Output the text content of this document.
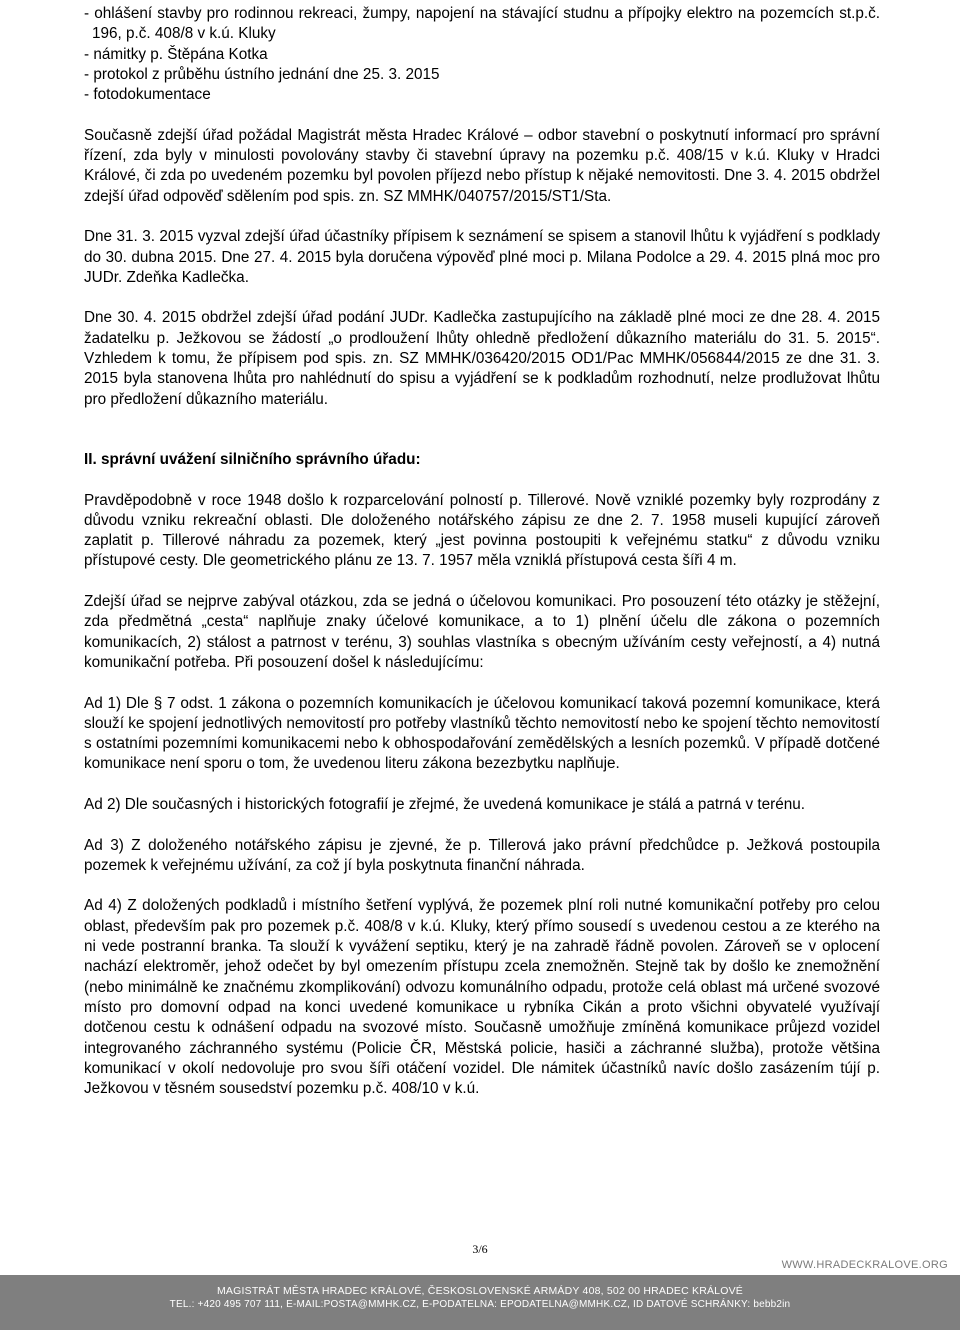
- ohlášení stavby pro rodinnou rekreaci, žumpy, napojení na stávající studnu a přípojky elektro na pozemcích st.p.č. 196, p.č. 408/8 v k.ú. Kluky

- námitky p. Štěpána Kotka

- protokol z průběhu ústního jednání dne 25. 3. 2015

- fotodokumentace

Současně zdejší úřad požádal Magistrát města Hradec Králové – odbor stavební o poskytnutí informací pro správní řízení, zda byly v minulosti povolovány stavby či stavební úpravy na pozemku p.č. 408/15 v k.ú. Kluky v Hradci Králové, či zda po uvedeném pozemku byl povolen příjezd nebo přístup k nějaké nemovitosti. Dne 3. 4. 2015 obdržel zdejší úřad odpověď sdělením pod spis. zn. SZ MMHK/040757/2015/ST1/Sta.

Dne 31. 3. 2015 vyzval zdejší úřad účastníky přípisem k seznámení se spisem a stanovil lhůtu k vyjádření s podklady do 30. dubna 2015. Dne 27. 4. 2015 byla doručena výpověď plné moci p. Milana Podolce a 29. 4. 2015 plná moc pro JUDr. Zdeňka Kadlečka.

Dne 30. 4. 2015 obdržel zdejší úřad podání JUDr. Kadlečka zastupujícího na základě plné moci ze dne 28. 4. 2015 žadatelku p. Ježkovou se žádostí „o prodloužení lhůty ohledně předložení důkazního materiálu do 31. 5. 2015“. Vzhledem k tomu, že přípisem pod spis. zn. SZ MMHK/036420/2015 OD1/Pac MMHK/056844/2015 ze dne 31. 3. 2015 byla stanovena lhůta pro nahlédnutí do spisu a vyjádření se k podkladům rozhodnutí, nelze prodlužovat lhůtu pro předložení důkazního materiálu.

II. správní uvážení silničního správního úřadu:

Pravděpodobně v roce 1948 došlo k rozparcelování polností p. Tillerové. Nově vzniklé pozemky byly rozprodány z důvodu vzniku rekreační oblasti. Dle doloženého notářského zápisu ze dne 2. 7. 1958 museli kupující zároveň zaplatit p. Tillerové náhradu za pozemek, který „jest povinna postoupiti k veřejnému statku“ z důvodu vzniku přístupové cesty. Dle geometrického plánu ze 13. 7. 1957 měla vzniklá přístupová cesta šíři 4 m.

Zdejší úřad se nejprve zabýval otázkou, zda se jedná o účelovou komunikaci. Pro posouzení této otázky je stěžejní, zda předmětná „cesta“ naplňuje znaky účelové komunikace, a to 1) plnění účelu dle zákona o pozemních komunikacích, 2) stálost a patrnost v terénu, 3) souhlas vlastníka s obecným užíváním cesty veřejností, a 4) nutná komunikační potřeba. Při posouzení došel k následujícímu:

Ad 1) Dle § 7 odst. 1 zákona o pozemních komunikacích je účelovou komunikací taková pozemní komunikace, která slouží ke spojení jednotlivých nemovitostí pro potřeby vlastníků těchto nemovitostí nebo ke spojení těchto nemovitostí s ostatními pozemními komunikacemi nebo k obhospodařování zemědělských a lesních pozemků. V případě dotčené komunikace není sporu o tom, že uvedenou literu zákona bezezbytku naplňuje.

Ad 2) Dle současných i historických fotografií je zřejmé, že uvedená komunikace je stálá a patrná v terénu.

Ad 3) Z doloženého notářského zápisu je zjevné, že p. Tillerová jako právní předchůdce p. Ježková postoupila pozemek k veřejnému užívání, za což jí byla poskytnuta finanční náhrada.

Ad 4) Z doložených podkladů i místního šetření vyplývá, že pozemek plní roli nutné komunikační potřeby pro celou oblast, především pak pro pozemek p.č. 408/8 v k.ú. Kluky, který přímo sousedí s uvedenou cestou a ze kterého na ni vede postranní branka. Ta slouží k vyvážení septiku, který je na zahradě řádně povolen. Zároveň se v oplocení nachází elektroměr, jehož odečet by byl omezením přístupu zcela znemožněn. Stejně tak by došlo ke znemožnění (nebo minimálně ke značnému zkomplikování) odvozu komunálního odpadu, protože celá oblast má určené svozové místo pro domovní odpad na konci uvedené komunikace u rybníka Cikán a proto všichni obyvatelé využívají dotčenou cestu k odnášení odpadu na svozové místo. Současně umožňuje zmíněná komunikace průjezd vozidel integrovaného záchranného systému (Policie ČR, Městská policie, hasiči a záchranné služba), protože většina komunikací v okolí nedovoluje pro svou šíři otáčení vozidel. Dle námitek účastníků navíc došlo zasázením tújí p. Ježkovou v těsném sousedství pozemku p.č. 408/10 v k.ú.

3/6
WWW.HRADECKRALOVE.ORG
MAGISTRÁT MĚSTA HRADEC KRÁLOVÉ, ČESKOSLOVENSKÉ ARMÁDY 408, 502 00 HRADEC KRÁLOVÉ
TEL.: +420 495 707 111, E-MAIL:POSTA@MMHK.CZ, E-PODATELNA: EPODATELNA@MMHK.CZ, ID DATOVÉ SCHRÁNKY: bebb2in
